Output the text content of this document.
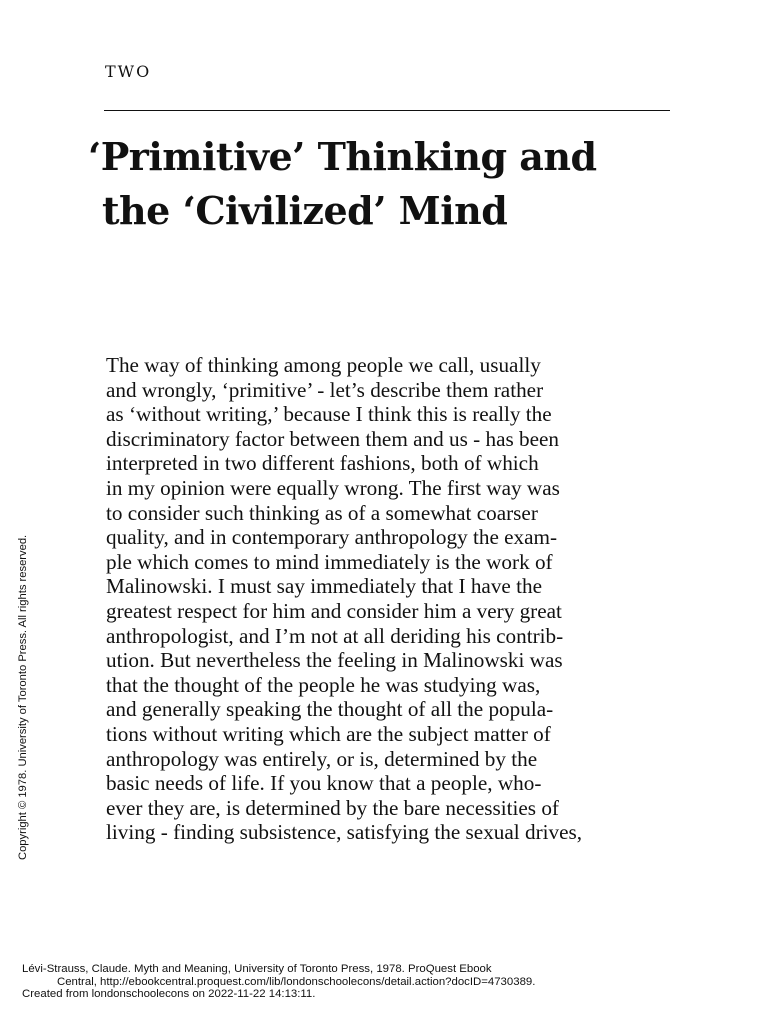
TWO

‘Primitive’ Thinking and
the ‘Civilized’ Mind
The way of thinking among people we call, usually
and wrongly, ‘primitive’ - let’s describe them rather
as ‘without writing,’ because I think this is really the
discriminatory factor between them and us - has been
interpreted in two different fashions, both of which
in my opinion were equally wrong. The first way was
to consider such thinking as of a somewhat coarser
quality, and in contemporary anthropology the exam-
ple which comes to mind immediately is the work of
Malinowski. I must say immediately that I have the
greatest respect for him and consider him a very great
anthropologist, and I’m not at all deriding his contrib-
ution. But nevertheless the feeling in Malinowski was
that the thought of the people he was studying was,
and generally speaking the thought of all the popula-
tions without writing which are the subject matter of
anthropology was entirely, or is, determined by the
basic needs of life. If you know that a people, who-
ever they are, is determined by the bare necessities of
living - finding subsistence, satisfying the sexual drives,
Copyright © 1978. University of Toronto Press. All rights reserved.
Lévi-Strauss, Claude. Myth and Meaning, University of Toronto Press, 1978. ProQuest Ebook
Central, http://ebookcentral.proquest.com/lib/londonschoolecons/detail.action?docID=4730389.
Created from londonschoolecons on 2022-11-22 14:13:11.
